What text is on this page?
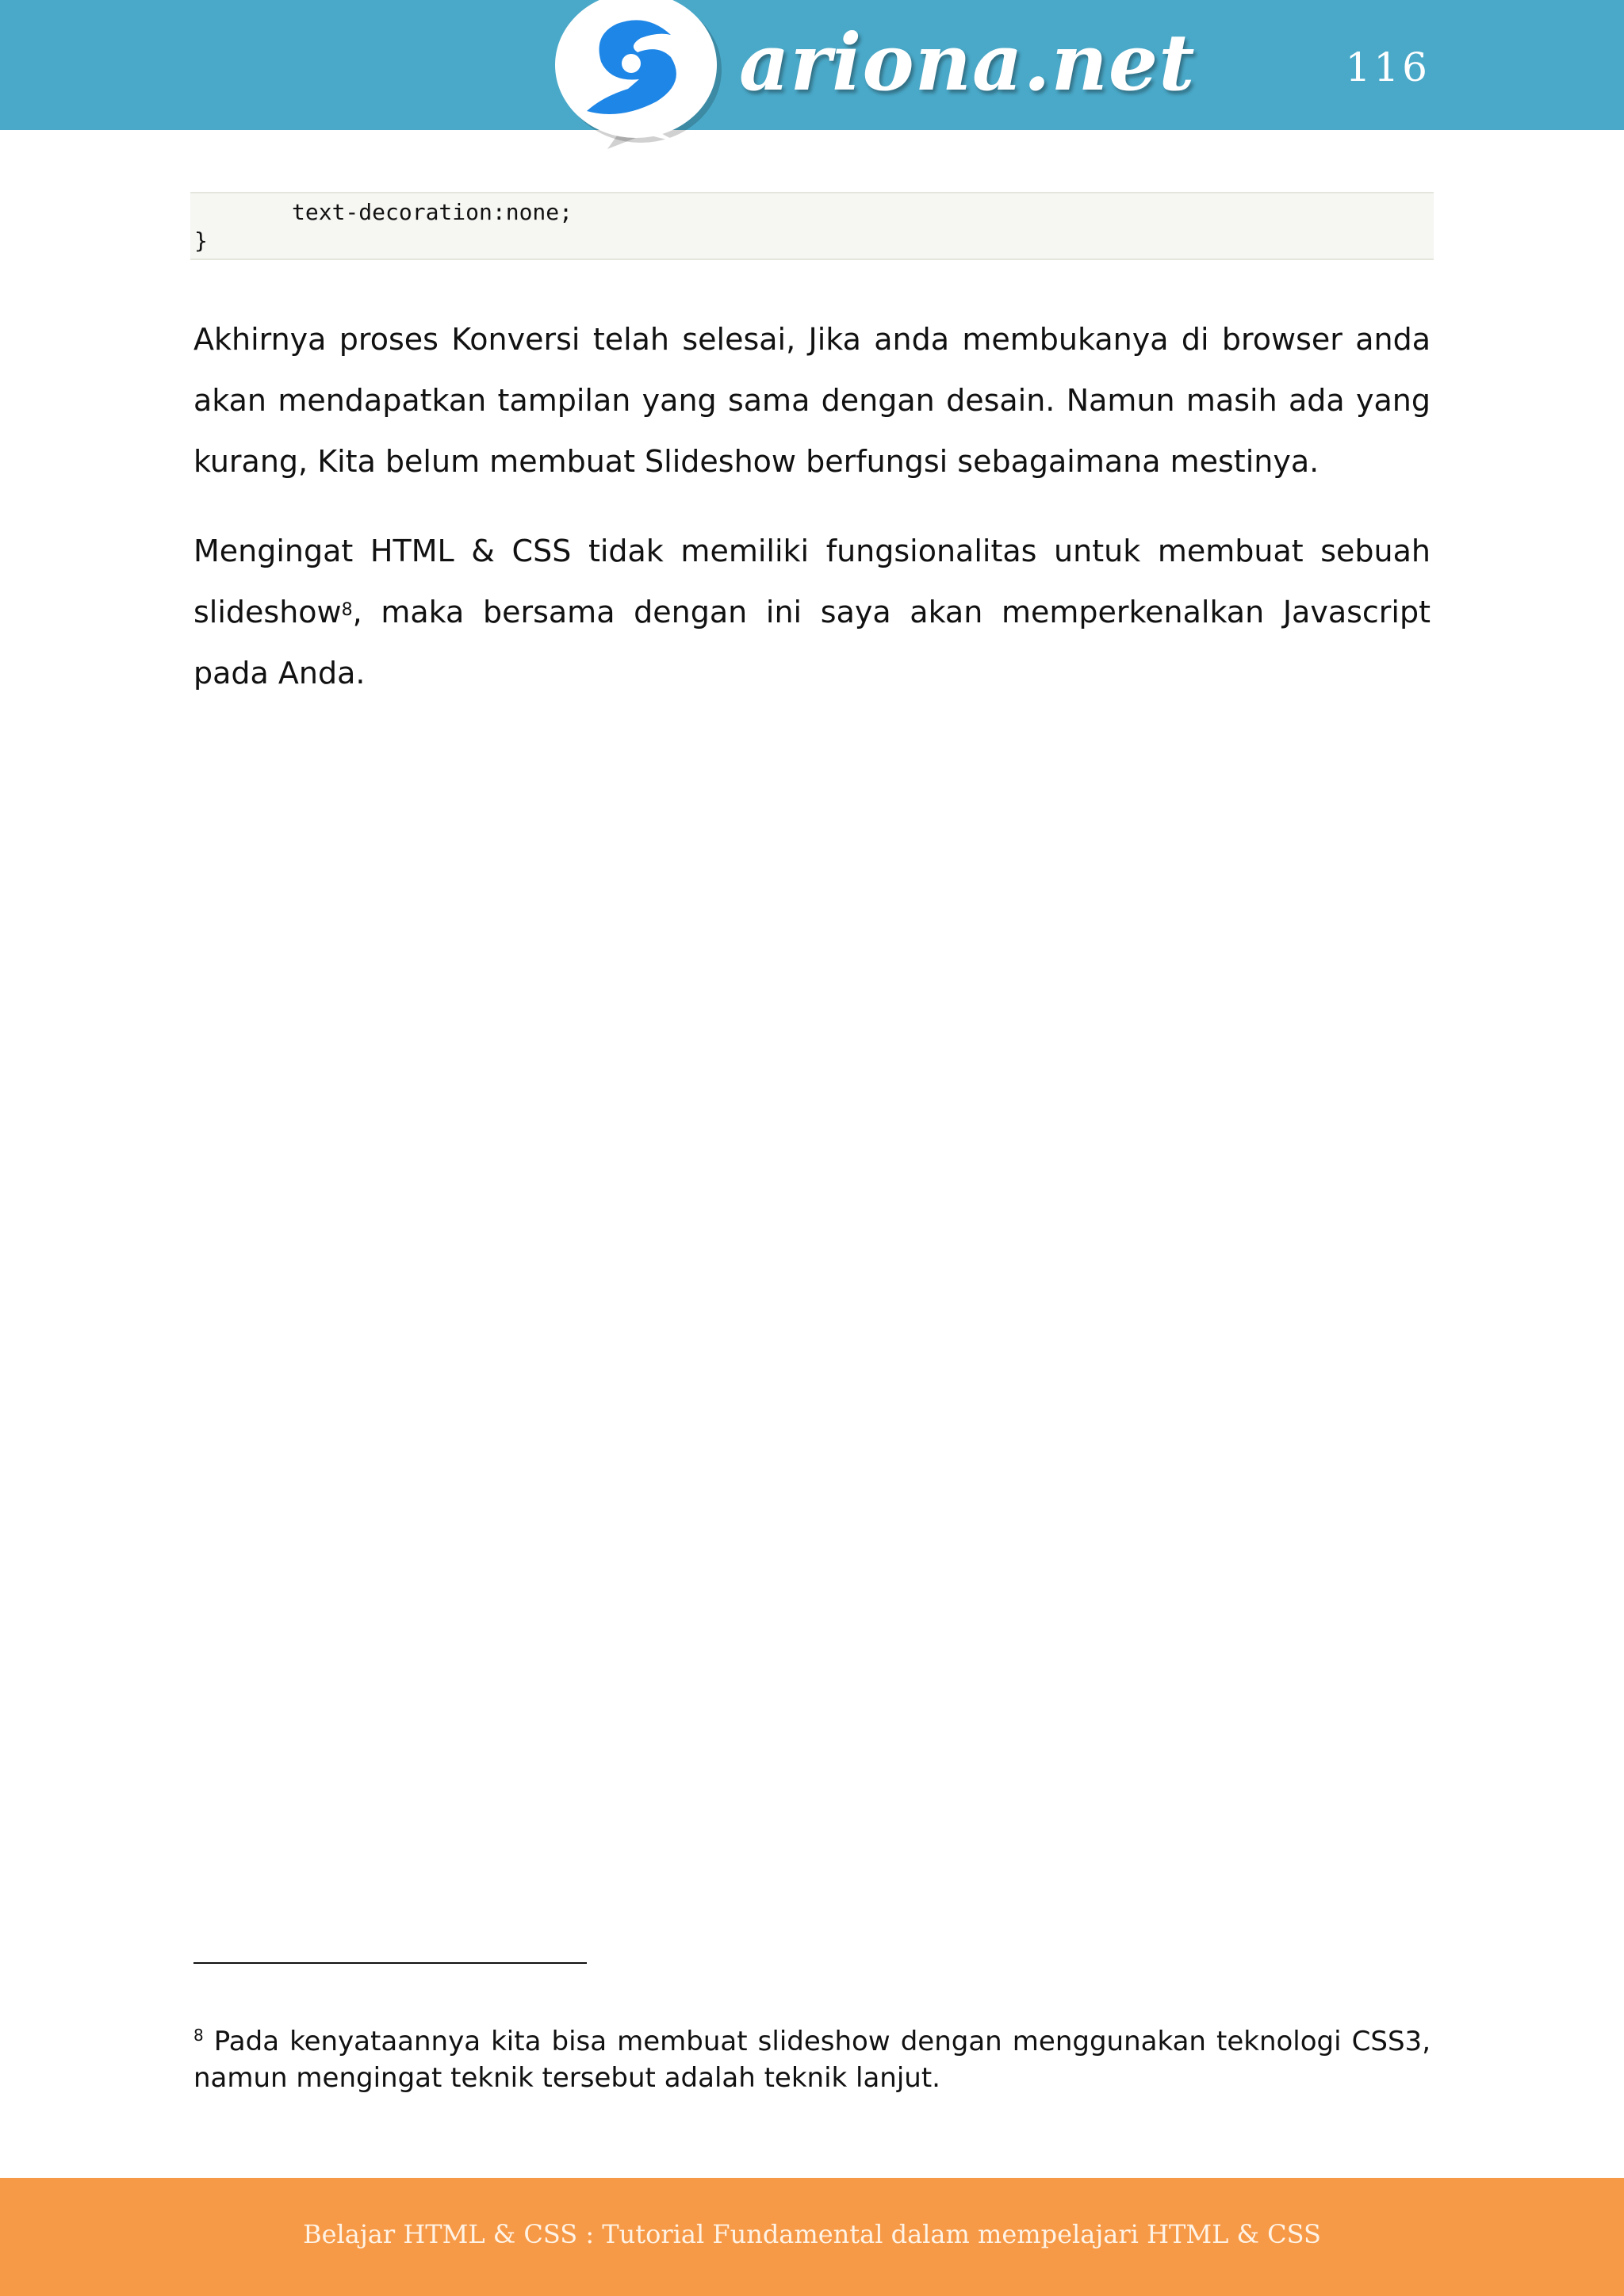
ariona.net	116
text-decoration:none;
}

Akhirnya proses Konversi telah selesai, Jika anda membukanya di browser anda akan mendapatkan tampilan yang sama dengan desain. Namun masih ada yang kurang, Kita belum membuat Slideshow berfungsi sebagaimana mestinya.

Mengingat HTML & CSS tidak memiliki fungsionalitas untuk membuat sebuah slideshow$^8$, maka bersama dengan ini saya akan memperkenalkan Javascript pada Anda.

$^8$ Pada kenyataannya kita bisa membuat slideshow dengan menggunakan teknologi CSS3, namun mengingat teknik tersebut adalah teknik lanjut.

Belajar HTML & CSS : Tutorial Fundamental dalam mempelajari HTML & CSS
